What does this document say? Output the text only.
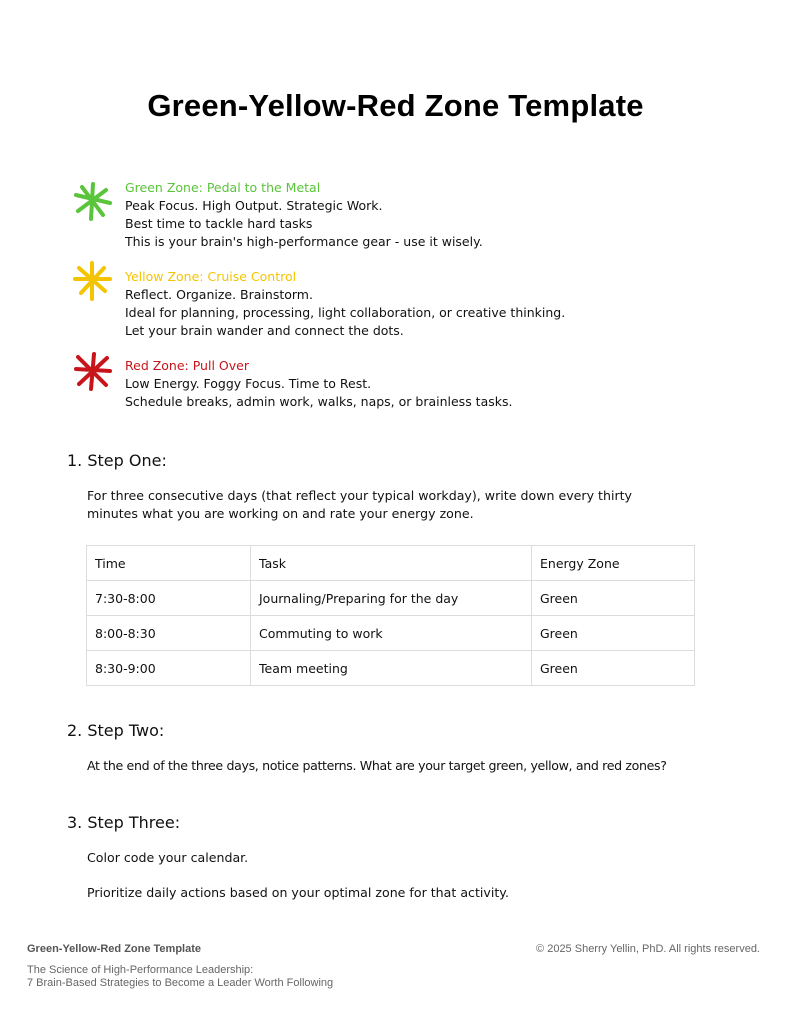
Green-Yellow-Red Zone Template
Green Zone: Pedal to the Metal
Peak Focus. High Output. Strategic Work.
Best time to tackle hard tasks
This is your brain's high-performance gear - use it wisely.
Yellow Zone: Cruise Control
Reflect. Organize. Brainstorm.
Ideal for planning, processing, light collaboration, or creative thinking.
Let your brain wander and connect the dots.
Red Zone: Pull Over
Low Energy. Foggy Focus. Time to Rest.
Schedule breaks, admin work, walks, naps, or brainless tasks.
1. Step One:
For three consecutive days (that reflect your typical workday), write down every thirty minutes what you are working on and rate your energy zone.
Time	Task	Energy Zone
7:30-8:00	Journaling/Preparing for the day	Green
8:00-8:30	Commuting to work	Green
8:30-9:00	Team meeting	Green
2. Step Two:
At the end of the three days, notice patterns. What are your target green, yellow, and red zones?
3. Step Three:
Color code your calendar.
Prioritize daily actions based on your optimal zone for that activity.
Green-Yellow-Red Zone Template
The Science of High-Performance Leadership:
7 Brain-Based Strategies to Become a Leader Worth Following
© 2025 Sherry Yellin, PhD. All rights reserved.
